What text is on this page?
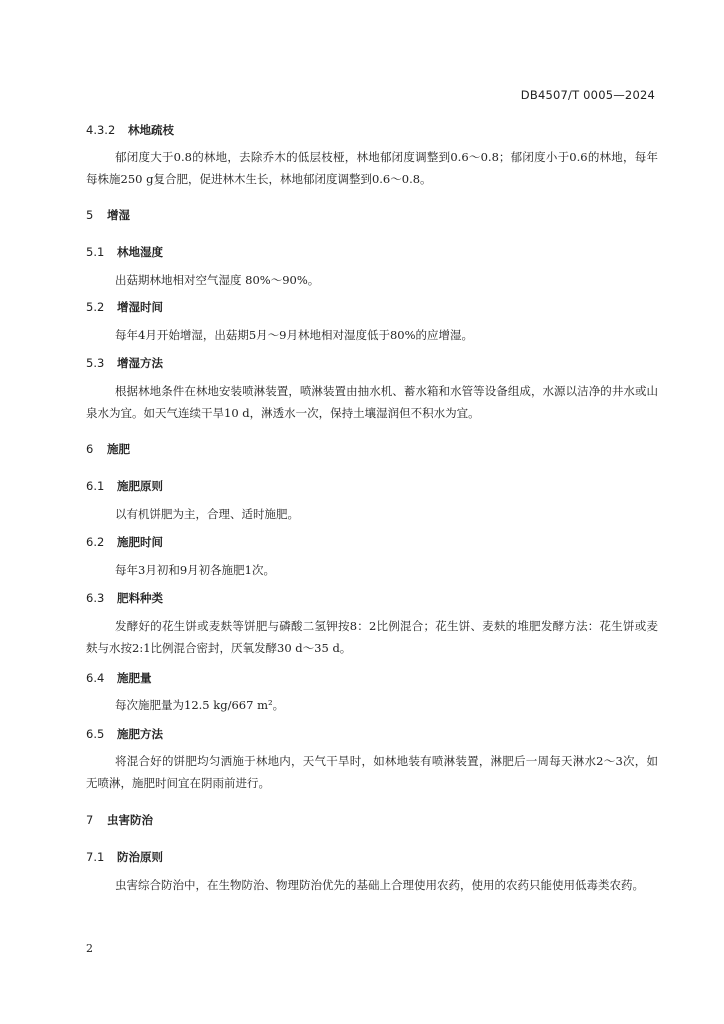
DB4507/T 0005—2024
4.3.2 林地疏枝
郁闭度大于0.8的林地，去除乔木的低层枝桠，林地郁闭度调整到0.6～0.8；郁闭度小于0.6的林地，每年每株施250 g复合肥，促进林木生长，林地郁闭度调整到0.6～0.8。
5 增湿
5.1 林地湿度
出菇期林地相对空气湿度 80%～90%。
5.2 增湿时间
每年4月开始增湿，出菇期5月～9月林地相对湿度低于80%的应增湿。
5.3 增湿方法
根据林地条件在林地安装喷淋装置，喷淋装置由抽水机、蓄水箱和水管等设备组成，水源以洁净的井水或山泉水为宜。如天气连续干旱10 d，淋透水一次，保持土壤湿润但不积水为宜。
6 施肥
6.1 施肥原则
以有机饼肥为主，合理、适时施肥。
6.2 施肥时间
每年3月初和9月初各施肥1次。
6.3 肥料种类
发酵好的花生饼或麦麸等饼肥与磷酸二氢钾按8：2比例混合；花生饼、麦麸的堆肥发酵方法：花生饼或麦麸与水按2:1比例混合密封，厌氧发酵30 d～35 d。
6.4 施肥量
每次施肥量为12.5 kg/667 m²。
6.5 施肥方法
将混合好的饼肥均匀洒施于林地内，天气干旱时，如林地装有喷淋装置，淋肥后一周每天淋水2～3次，如无喷淋，施肥时间宜在阴雨前进行。
7 虫害防治
7.1 防治原则
虫害综合防治中，在生物防治、物理防治优先的基础上合理使用农药，使用的农药只能使用低毒类农药。
2
